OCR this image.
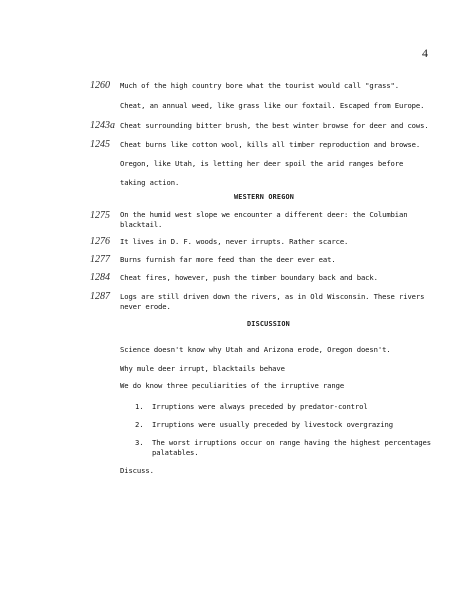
4
1260 Much of the high country bore what the tourist would call "grass".
Cheat, an annual weed, like grass like our foxtail. Escaped from Europe.
1243a Cheat surrounding bitter brush, the best winter browse for deer and cows.
1245 Cheat burns like cotton wool, kills all timber reproduction and browse.
Oregon, like Utah, is letting her deer spoil the arid ranges before
taking action.
WESTERN OREGON
1275 On the humid west slope we encounter a different deer: the Columbian
blacktail.
1276 It lives in D. F. woods, never irrupts. Rather scarce.
1277 Burns furnish far more feed than the deer ever eat.
1284 Cheat fires, however, push the timber boundary back and back.
1287 Logs are still driven down the rivers, as in Old Wisconsin. These rivers
never erode.
DISCUSSION
Science doesn't know why Utah and Arizona erode, Oregon doesn't.
Why mule deer irrupt, blacktails behave
We do know three peculiarities of the irruptive range
1. Irruptions were always preceded by predator-control
2. Irruptions were usually preceded by livestock overgrazing
3. The worst irruptions occur on range having the highest percentages
palatables.
Discuss.
